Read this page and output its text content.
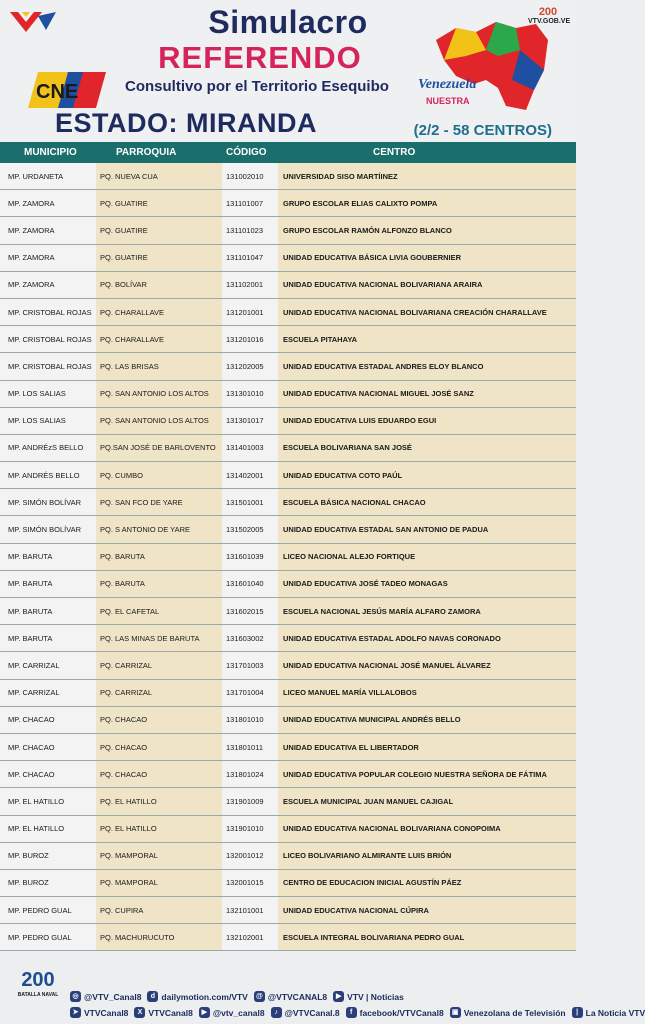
CNE
Simulacro
REFERENDO
Consultivo por el Territorio Esequibo
ESTADO: MIRANDA	(2/2 - 58 CENTROS)
Venezuela
NUESTRA
200
VTV.GOB.VE
MUNICIPIO	PARROQUIA	CÓDIGO	CENTRO
MP. URDANETA	PQ. NUEVA CUA	131002010	UNIVERSIDAD SISO MARTÍINEZ
MP. ZAMORA	PQ. GUATIRE	131101007	GRUPO ESCOLAR ELIAS CALIXTO POMPA
MP. ZAMORA	PQ. GUATIRE	131101023	GRUPO ESCOLAR RAMÓN ALFONZO BLANCO
MP. ZAMORA	PQ. GUATIRE	131101047	UNIDAD EDUCATIVA BÁSICA LIVIA GOUBERNIER
MP. ZAMORA	PQ. BOLÍVAR	131102001	UNIDAD EDUCATIVA NACIONAL BOLIVARIANA ARAIRA
MP. CRISTOBAL ROJAS	PQ. CHARALLAVE	131201001	UNIDAD EDUCATIVA NACIONAL BOLIVARIANA CREACIÓN CHARALLAVE
MP. CRISTOBAL ROJAS	PQ. CHARALLAVE	131201016	ESCUELA PITAHAYA
MP. CRISTOBAL ROJAS	PQ. LAS BRISAS	131202005	UNIDAD EDUCATIVA ESTADAL ANDRES ELOY BLANCO
MP. LOS SALIAS	PQ. SAN ANTONIO LOS ALTOS	131301010	UNIDAD EDUCATIVA NACIONAL MIGUEL JOSÉ SANZ
MP. LOS SALIAS	PQ. SAN ANTONIO LOS ALTOS	131301017	UNIDAD EDUCATIVA LUIS EDUARDO EGUI
MP. ANDRÉzS BELLO	PQ.SAN JOSÉ DE BARLOVENTO	131401003	ESCUELA BOLIVARIANA SAN JOSÉ
MP. ANDRÉS BELLO	PQ. CUMBO	131402001	UNIDAD EDUCATIVA COTO PAÚL
MP. SIMÓN BOLÍVAR	PQ. SAN FCO DE YARE	131501001	ESCUELA BÁSICA NACIONAL CHACAO
MP. SIMÓN BOLÍVAR	PQ. S ANTONIO DE YARE	131502005	UNIDAD EDUCATIVA ESTADAL SAN ANTONIO DE PADUA
MP. BARUTA	PQ. BARUTA	131601039	LICEO NACIONAL ALEJO FORTIQUE
MP. BARUTA	PQ. BARUTA	131601040	UNIDAD EDUCATIVA JOSÉ TADEO MONAGAS
MP. BARUTA	PQ. EL CAFETAL	131602015	ESCUELA NACIONAL JESÚS MARÍA ALFARO ZAMORA
MP. BARUTA	PQ. LAS MINAS DE BARUTA	131603002	UNIDAD EDUCATIVA ESTADAL ADOLFO NAVAS CORONADO
MP. CARRIZAL	PQ. CARRIZAL	131701003	UNIDAD EDUCATIVA NACIONAL JOSÉ MANUEL ÁLVAREZ
MP. CARRIZAL	PQ. CARRIZAL	131701004	LICEO MANUEL MARÍA VILLALOBOS
MP. CHACAO	PQ. CHACAO	131801010	UNIDAD EDUCATIVA MUNICIPAL ANDRÉS BELLO
MP. CHACAO	PQ. CHACAO	131801011	UNIDAD EDUCATIVA EL LIBERTADOR
MP. CHACAO	PQ. CHACAO	131801024	UNIDAD EDUCATIVA POPULAR COLEGIO NUESTRA SEÑORA DE FÁTIMA
MP. EL HATILLO	PQ. EL HATILLO	131901009	ESCUELA MUNICIPAL JUAN MANUEL CAJIGAL
MP. EL HATILLO	PQ. EL HATILLO	131901010	UNIDAD EDUCATIVA NACIONAL BOLIVARIANA CONOPOIMA
MP. BUROZ	PQ. MAMPORAL	132001012	LICEO BOLIVARIANO ALMIRANTE LUIS BRIÓN
MP. BUROZ	PQ. MAMPORAL	132001015	CENTRO DE EDUCACION INICIAL AGUSTÍN PÁEZ
MP. PEDRO GUAL	PQ. CUPIRA	132101001	UNIDAD EDUCATIVA NACIONAL CÚPIRA
MP. PEDRO GUAL	PQ. MACHURUCUTO	132102001	ESCUELA INTEGRAL BOLIVARIANA PEDRO GUAL
200
BATALLA NAVAL	◎ @VTV_Canal8	d dailymotion.com/VTV @ @VTVCANAL8	▶ VTV | Noticias
➤ VTVCanal8	X VTVCanal8	▶ @vtv_canal8	♪ @VTVCanal.8	f facebook/VTVCanal8	▣ Venezolana de Televisión	| La Noticia VTV
